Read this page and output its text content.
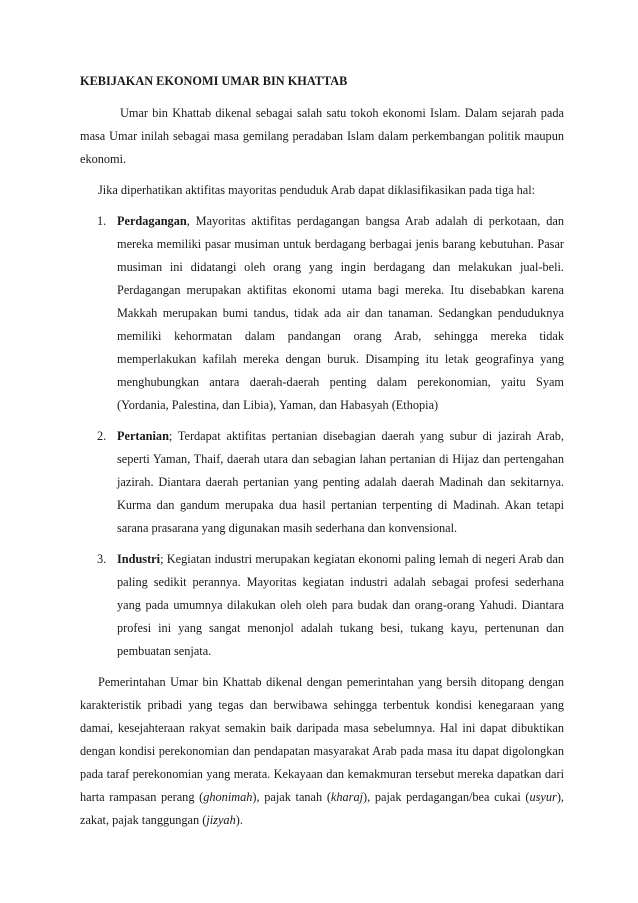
KEBIJAKAN EKONOMI UMAR BIN KHATTAB

Umar bin Khattab dikenal sebagai salah satu tokoh ekonomi Islam. Dalam sejarah pada masa Umar inilah sebagai masa gemilang peradaban Islam dalam perkembangan politik maupun ekonomi.

Jika diperhatikan aktifitas mayoritas penduduk Arab dapat diklasifikasikan pada tiga hal:

1. Perdagangan, Mayoritas aktifitas perdagangan bangsa Arab adalah di perkotaan, dan mereka memiliki pasar musiman untuk berdagang berbagai jenis barang kebutuhan. Pasar musiman ini didatangi oleh orang yang ingin berdagang dan melakukan jual-beli. Perdagangan merupakan aktifitas ekonomi utama bagi mereka. Itu disebabkan karena Makkah merupakan bumi tandus, tidak ada air dan tanaman. Sedangkan penduduknya memiliki kehormatan dalam pandangan orang Arab, sehingga mereka tidak memperlakukan kafilah mereka dengan buruk. Disamping itu letak geografinya yang menghubungkan antara daerah-daerah penting dalam perekonomian, yaitu Syam (Yordania, Palestina, dan Libia), Yaman, dan Habasyah (Ethopia)
2. Pertanian; Terdapat aktifitas pertanian disebagian daerah yang subur di jazirah Arab, seperti Yaman, Thaif, daerah utara dan sebagian lahan pertanian di Hijaz dan pertengahan jazirah. Diantara daerah pertanian yang penting adalah daerah Madinah dan sekitarnya. Kurma dan gandum merupaka dua hasil pertanian terpenting di Madinah. Akan tetapi sarana prasarana yang digunakan masih sederhana dan konvensional.
3. Industri; Kegiatan industri merupakan kegiatan ekonomi paling lemah di negeri Arab dan paling sedikit perannya. Mayoritas kegiatan industri adalah sebagai profesi sederhana yang pada umumnya dilakukan oleh oleh para budak dan orang-orang Yahudi. Diantara profesi ini yang sangat menonjol adalah tukang besi, tukang kayu, pertenunan dan pembuatan senjata.

Pemerintahan Umar bin Khattab dikenal dengan pemerintahan yang bersih ditopang dengan karakteristik pribadi yang tegas dan berwibawa sehingga terbentuk kondisi kenegaraan yang damai, kesejahteraan rakyat semakin baik daripada masa sebelumnya. Hal ini dapat dibuktikan dengan kondisi perekonomian dan pendapatan masyarakat Arab pada masa itu dapat digolongkan pada taraf perekonomian yang merata. Kekayaan dan kemakmuran tersebut mereka dapatkan dari harta rampasan perang (ghonimah), pajak tanah (kharaj), pajak perdagangan/bea cukai (usyur), zakat, pajak tanggungan (jizyah).
